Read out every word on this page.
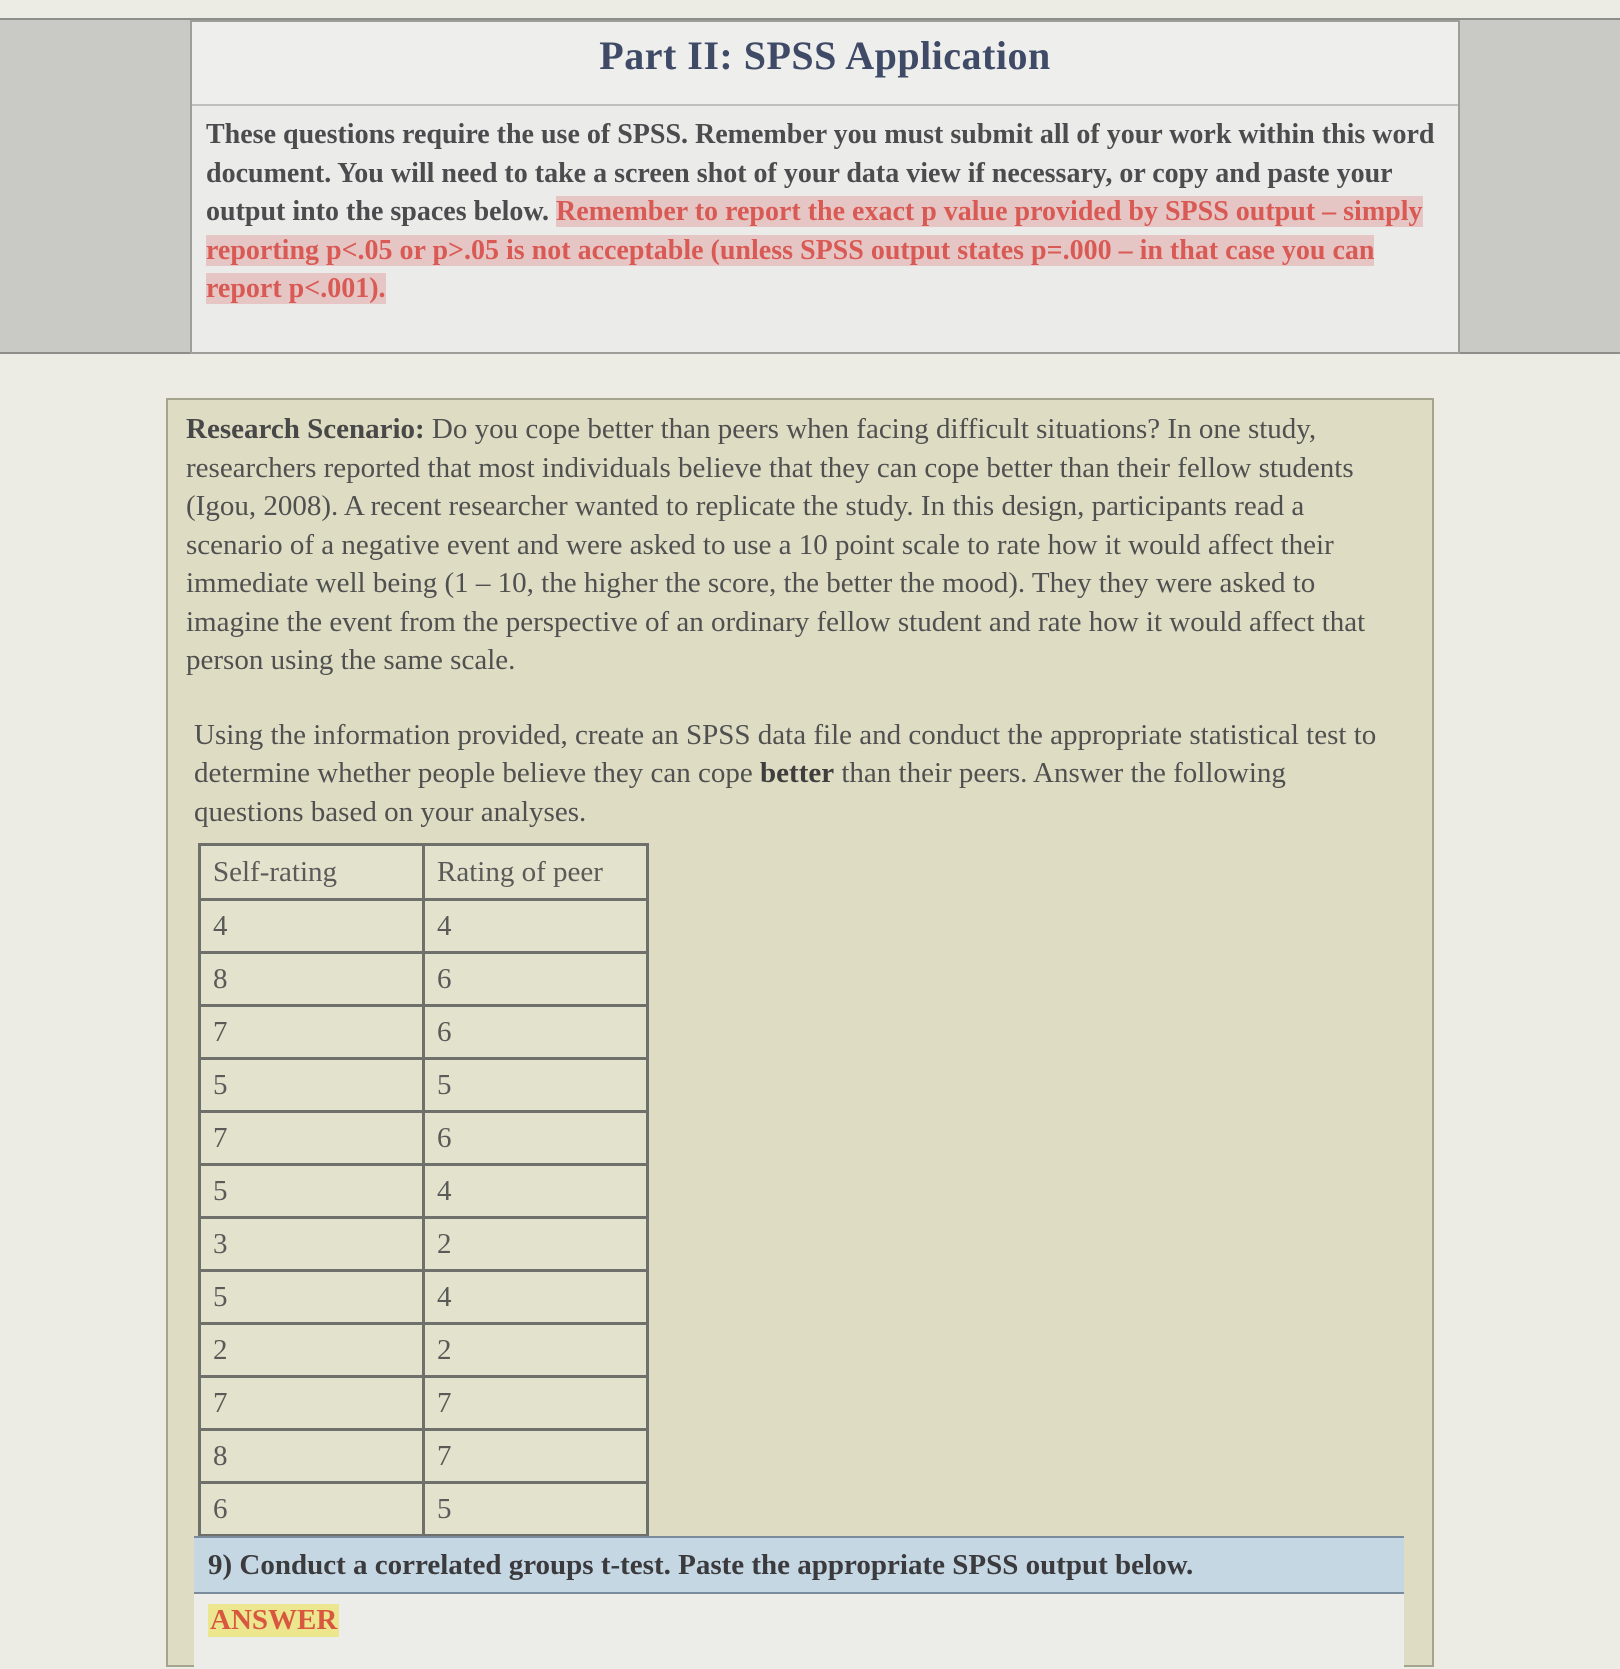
Part II: SPSS Application
These questions require the use of SPSS. Remember you must submit all of your work within this word document. You will need to take a screen shot of your data view if necessary, or copy and paste your output into the spaces below. Remember to report the exact p value provided by SPSS output – simply reporting p<.05 or p>.05 is not acceptable (unless SPSS output states p=.000 – in that case you can report p<.001).

Research Scenario: Do you cope better than peers when facing difficult situations? In one study, researchers reported that most individuals believe that they can cope better than their fellow students (Igou, 2008). A recent researcher wanted to replicate the study. In this design, participants read a scenario of a negative event and were asked to use a 10 point scale to rate how it would affect their immediate well being (1 – 10, the higher the score, the better the mood). They they were asked to imagine the event from the perspective of an ordinary fellow student and rate how it would affect that person using the same scale.

Using the information provided, create an SPSS data file and conduct the appropriate statistical test to determine whether people believe they can cope better than their peers. Answer the following questions based on your analyses.

Self-rating	Rating of peer
4	4
8	6
7	6
5	5
7	6
5	4
3	2
5	4
2	2
7	7
8	7
6	5
9) Conduct a correlated groups t-test. Paste the appropriate SPSS output below.
ANSWER
